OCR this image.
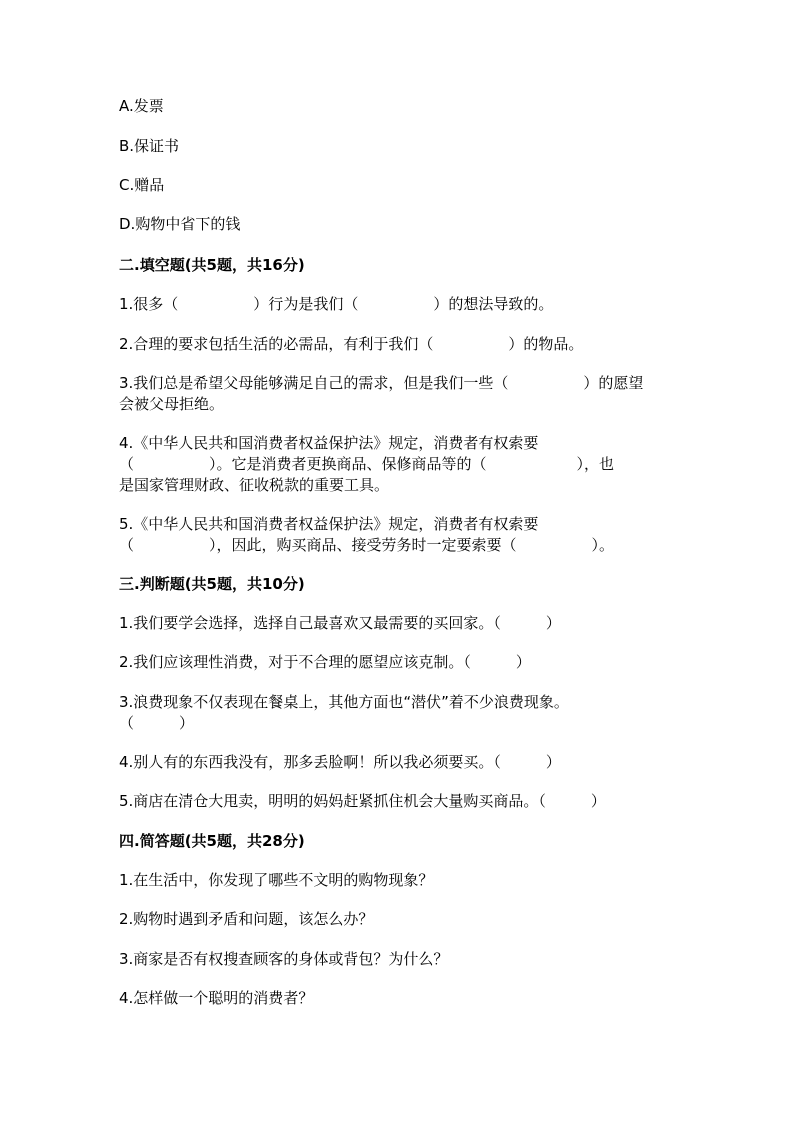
A.发票
B.保证书
C.赠品
D.购物中省下的钱
二.填空题(共5题，共16分)
1.很多（　　　　　）行为是我们（　　　　　）的想法导致的。
2.合理的要求包括生活的必需品，有利于我们（　　　　　）的物品。
3.我们总是希望父母能够满足自己的需求，但是我们一些（　　　　　）的愿望
会被父母拒绝。
4.《中华人民共和国消费者权益保护法》规定，消费者有权索要
（　　　　　）。它是消费者更换商品、保修商品等的（　　　　　　），也
是国家管理财政、征收税款的重要工具。
5.《中华人民共和国消费者权益保护法》规定，消费者有权索要
（　　　　　），因此，购买商品、接受劳务时一定要索要（　　　　　）。
三.判断题(共5题，共10分)
1.我们要学会选择，选择自己最喜欢又最需要的买回家。（　　　）
2.我们应该理性消费，对于不合理的愿望应该克制。（　　　）
3.浪费现象不仅表现在餐桌上，其他方面也“潜伏”着不少浪费现象。
（　　　）
4.别人有的东西我没有，那多丢脸啊！所以我必须要买。（　　　）
5.商店在清仓大甩卖，明明的妈妈赶紧抓住机会大量购买商品。（　　　）
四.简答题(共5题，共28分)
1.在生活中，你发现了哪些不文明的购物现象？
2.购物时遇到矛盾和问题，该怎么办？
3.商家是否有权搜查顾客的身体或背包？为什么？
4.怎样做一个聪明的消费者？
